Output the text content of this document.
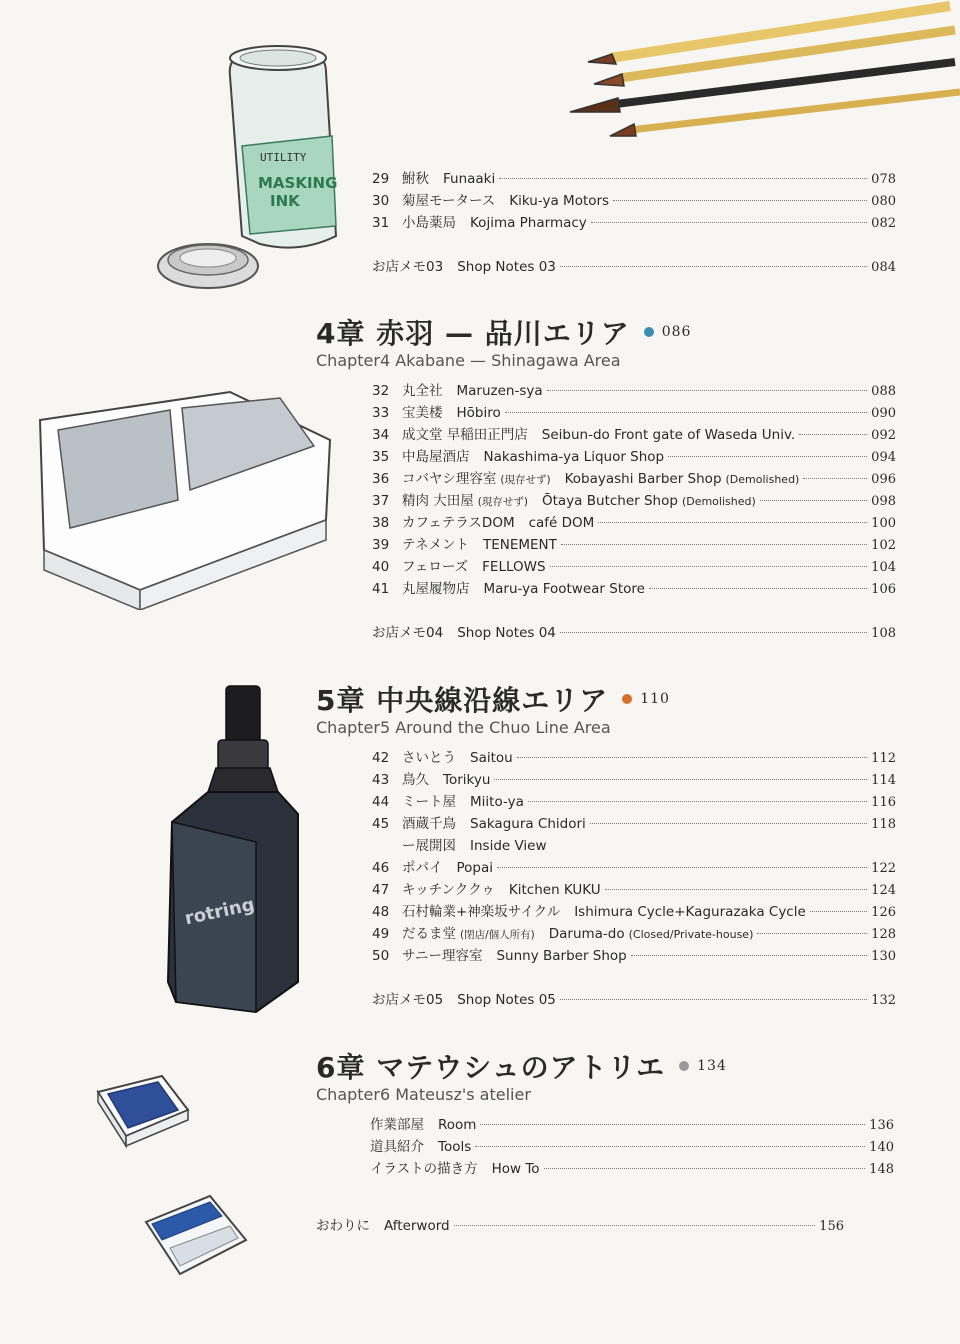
UTILITY
MASKING
INK
rotring
29 鮒秋 Funaaki	078
30 菊屋モータース Kiku-ya Motors	080
31 小島薬局 Kojima Pharmacy	082
お店メモ03 Shop Notes 03	084
4章 赤羽 — 品川エリア 086
Chapter4 Akabane — Shinagawa Area
32 丸全社 Maruzen-sya	088
33 宝美楼 Hōbiro	090
34 成文堂 早稲田正門店 Seibun-do Front gate of Waseda Univ.	092
35 中島屋酒店 Nakashima-ya Liquor Shop	094
36 コバヤシ理容室 (現存せず) Kobayashi Barber Shop (Demolished)	096
37 精肉 大田屋 (現存せず) Ōtaya Butcher Shop (Demolished)	098
38 カフェテラスDOM café DOM	100
39 テネメント TENEMENT	102
40 フェローズ FELLOWS	104
41 丸屋履物店 Maru-ya Footwear Store	106
お店メモ04 Shop Notes 04	108
5章 中央線沿線エリア 110
Chapter5 Around the Chuo Line Area
42 さいとう Saitou	112
43 鳥久 Torikyu	114
44 ミート屋 Miito-ya	116
45 酒蔵千鳥 Sakagura Chidori	118
ー展開図 Inside View
46 ポパイ Popai	122
47 キッチンククゥ Kitchen KUKU	124
48 石村輪業+神楽坂サイクル Ishimura Cycle+Kagurazaka Cycle	126
49 だるま堂 (閉店/個人所有) Daruma-do (Closed/Private-house)	128
50 サニー理容室 Sunny Barber Shop	130
お店メモ05 Shop Notes 05	132
6章 マテウシュのアトリエ 134
Chapter6 Mateusz's atelier
作業部屋 Room	136
道具紹介 Tools	140
イラストの描き方 How To	148
おわりに Afterword	156
